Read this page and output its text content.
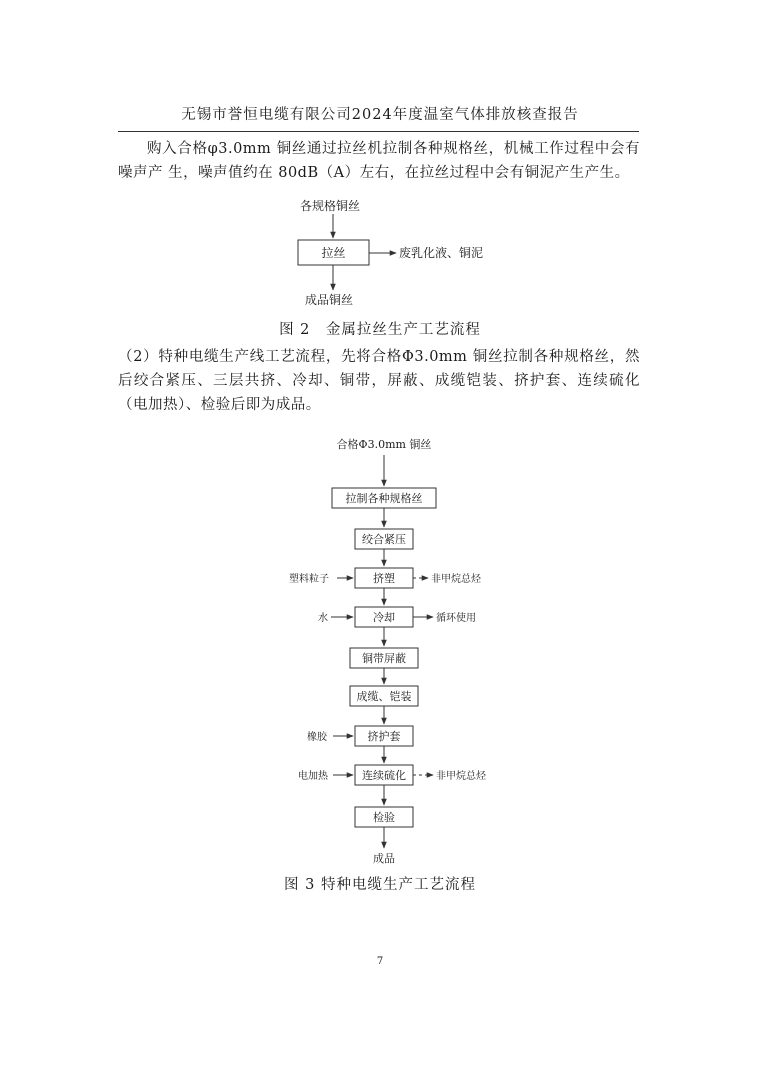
无锡市誉恒电缆有限公司2024年度温室气体排放核查报告

购入合格φ3.0mm 铜丝通过拉丝机拉制各种规格丝，机械工作过程中会有噪声产 生，噪声值约在 80dB（A）左右，在拉丝过程中会有铜泥产生产生。

各规格铜丝
拉丝	废乳化液、铜泥
成品铜丝
合格Φ3.0mm 铜丝
拉制各种规格丝
绞合紧压
挤塑
塑料粒子	非甲烷总烃
冷却
水	循环使用
铜带屏蔽
成缆、铠装
挤护套
橡胶
连续硫化
电加热	非甲烷总烃
检验
成品
图 2　金属拉丝生产工艺流程

（2）特种电缆生产线工艺流程，先将合格Φ3.0mm 铜丝拉制各种规格丝，然后绞合紧压、三层共挤、冷却、铜带，屏蔽、成缆铠装、挤护套、连续硫化（电加热）、检验后即为成品。

图 3 特种电缆生产工艺流程
7
